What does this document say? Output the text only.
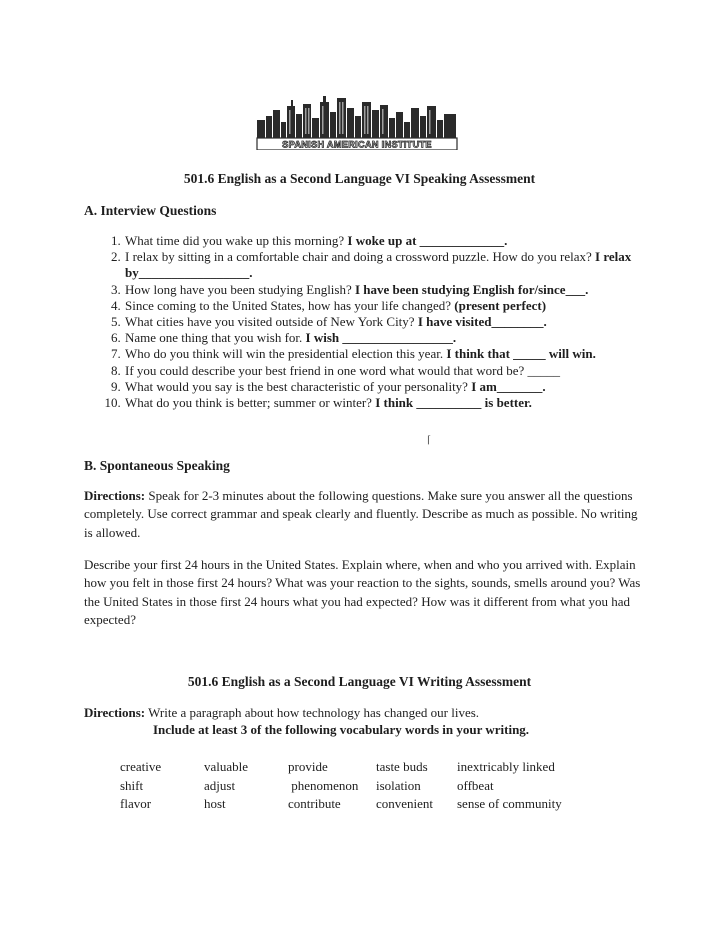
SPANISH AMERICAN INSTITUTE
501.6 English as a Second Language VI Speaking Assessment
A. Interview Questions
1. What time did you wake up this morning? I woke up at _____________.
2. I relax by sitting in a comfortable chair and doing a crossword puzzle. How do you relax? I relax by_________________.
3. How long have you been studying English? I have been studying English for/since___.
4. Since coming to the United States, how has your life changed? (present perfect)
5. What cities have you visited outside of New York City? I have visited________.
6. Name one thing that you wish for. I wish _________________.
7. Who do you think will win the presidential election this year. I think that _____ will win.
8. If you could describe your best friend in one word what would that word be? _____
9. What would you say is the best characteristic of your personality? I am_______.
10. What do you think is better; summer or winter? I think __________ is better.
⌈
B. Spontaneous Speaking

Directions: Speak for 2-3 minutes about the following questions. Make sure you answer all the questions completely. Use correct grammar and speak clearly and fluently. Describe as much as possible. No writing is allowed.

Describe your first 24 hours in the United States. Explain where, when and who you arrived with. Explain how you felt in those first 24 hours? What was your reaction to the sights, sounds, smells around you? Was the United States in those first 24 hours what you had expected? How was it different from what you had expected?

501.6 English as a Second Language VI Writing Assessment
Directions: Write a paragraph about how technology has changed our lives.
Include at least 3 of the following vocabulary words in your writing.
creative	valuable	provide	taste buds	inextricably linked
shift	adjust	phenomenon	isolation	offbeat
flavor	host	contribute	convenient	sense of community
